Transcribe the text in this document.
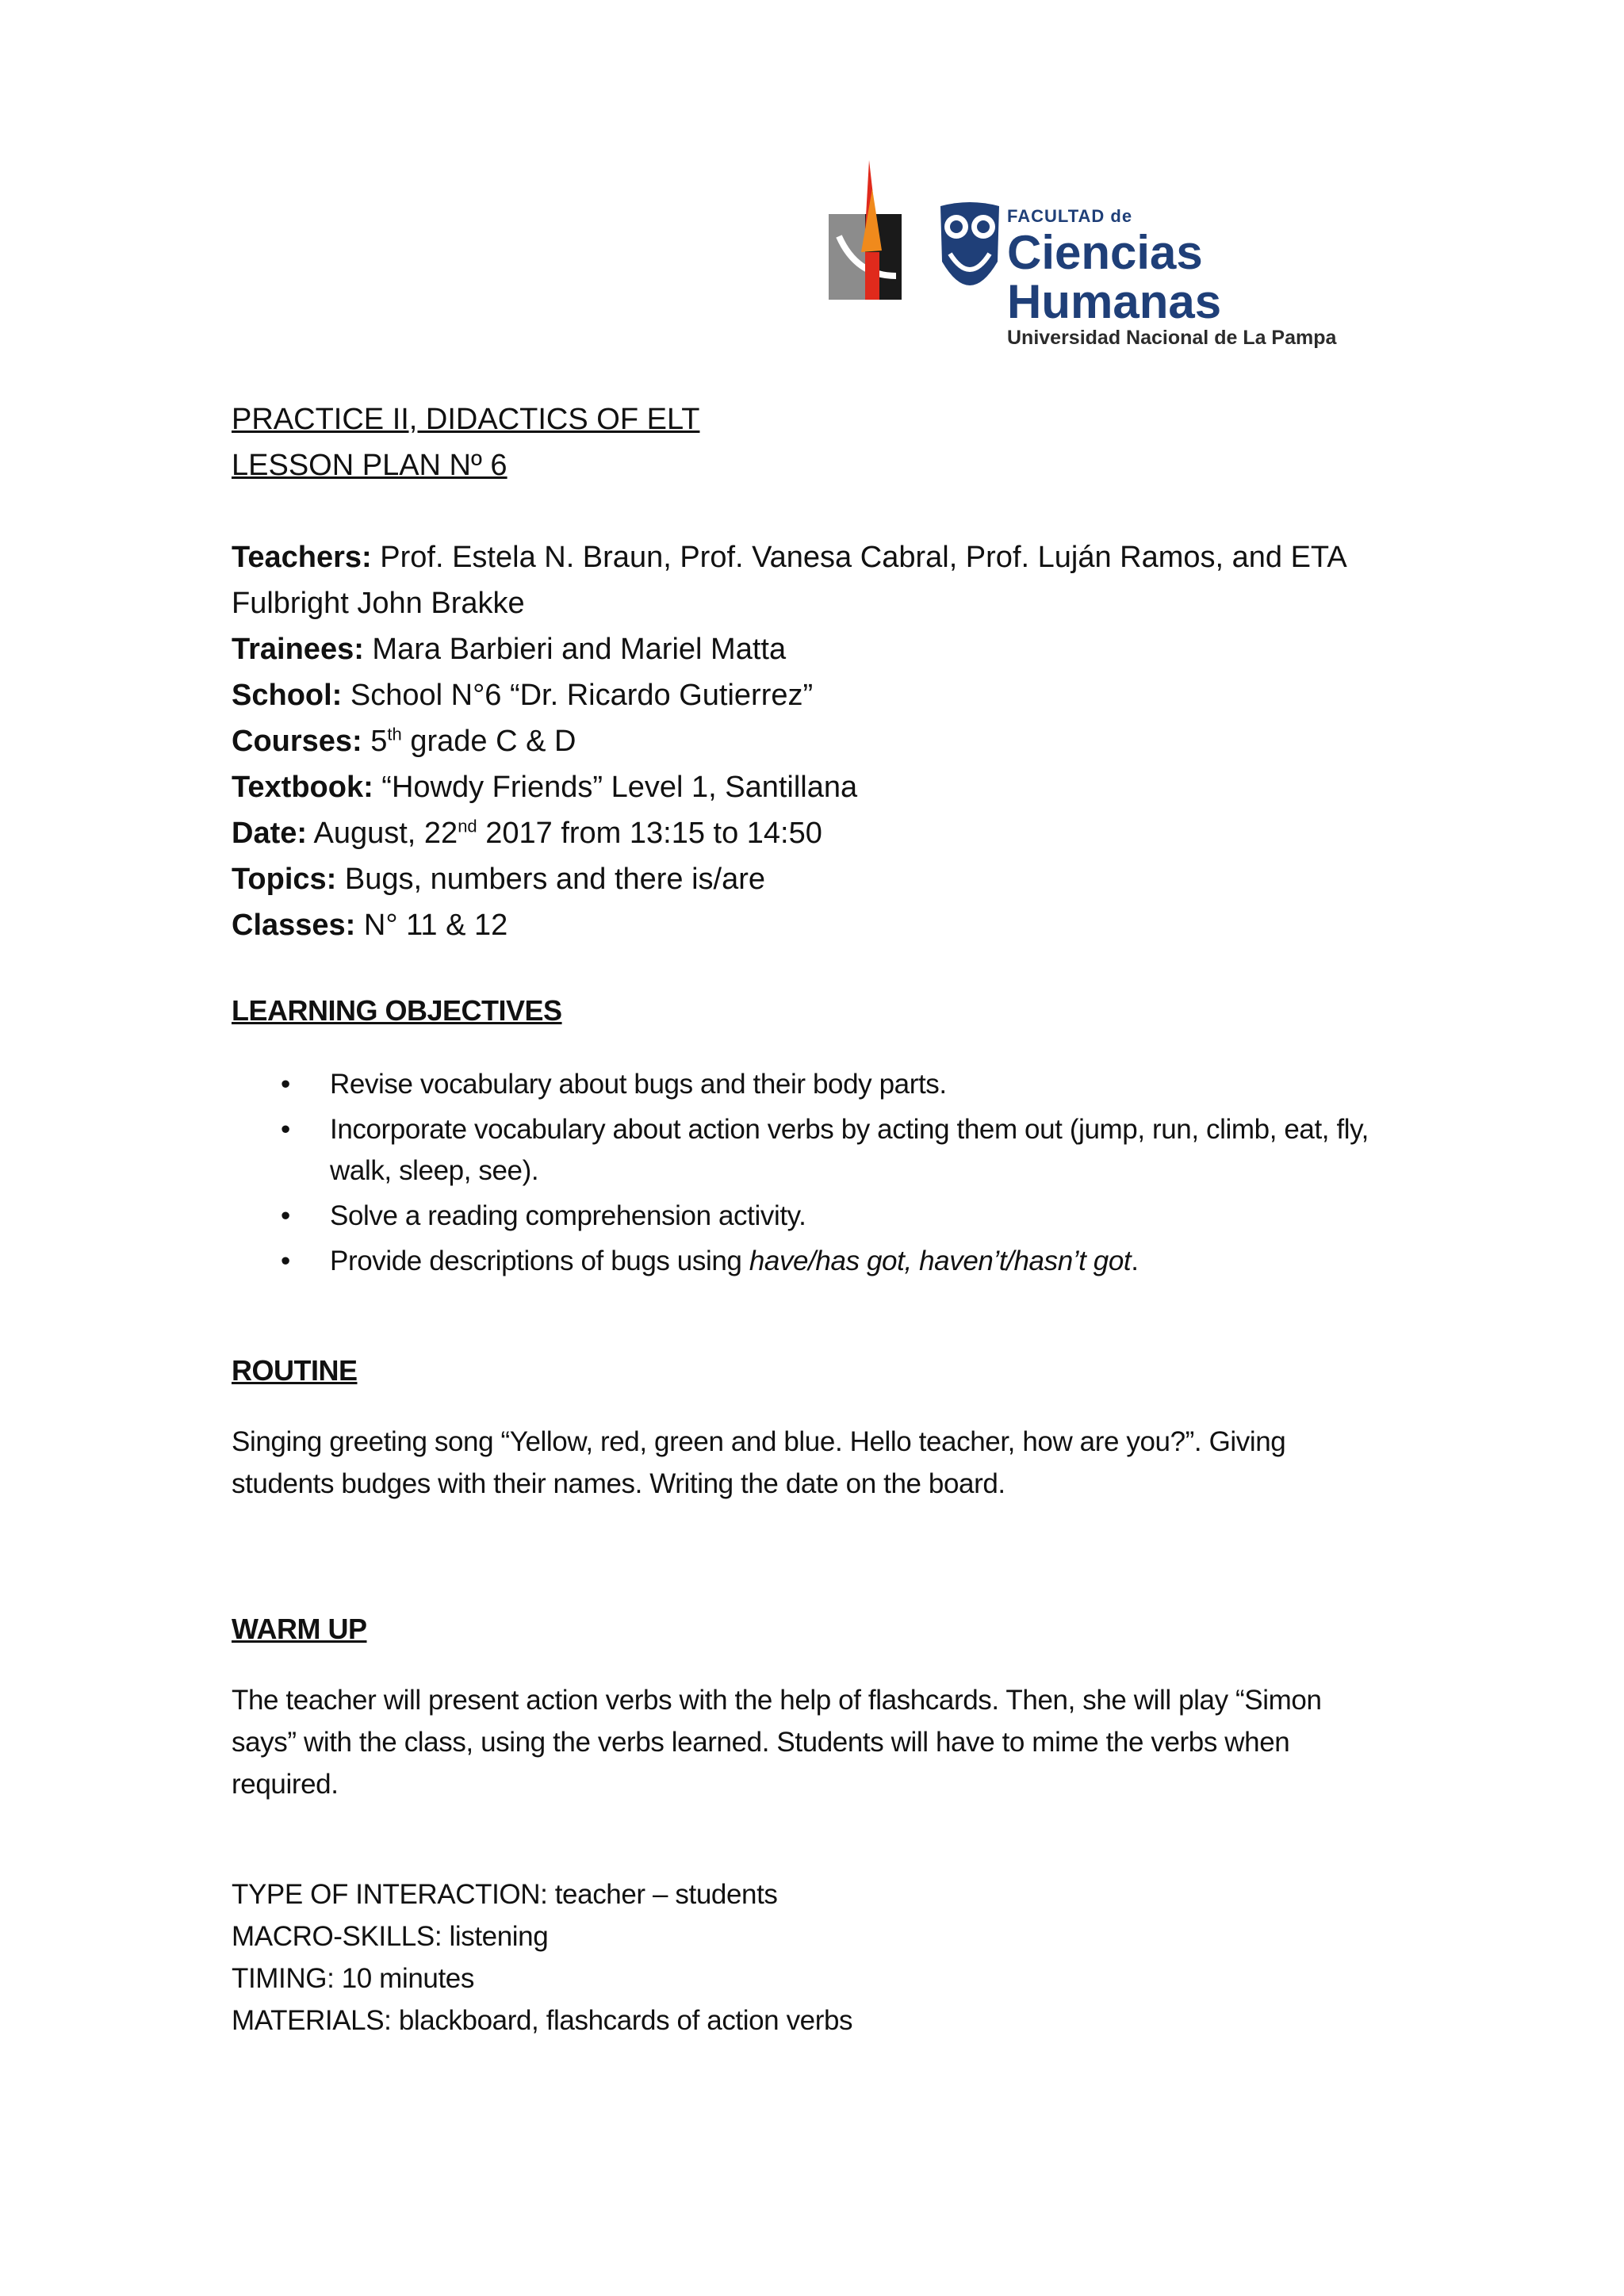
FACULTAD de
Ciencias Humanas
Universidad Nacional de La Pampa
PRACTICE II, DIDACTICS OF ELT
LESSON PLAN Nº 6
Teachers: Prof. Estela N. Braun, Prof. Vanesa Cabral, Prof. Luján Ramos, and ETA
Fulbright John Brakke
Trainees: Mara Barbieri and Mariel Matta
School: School N°6 “Dr. Ricardo Gutierrez”
Courses: 5th grade C & D
Textbook: “Howdy Friends” Level 1, Santillana
Date: August, 22nd 2017 from 13:15 to 14:50
Topics: Bugs, numbers and there is/are
Classes: N° 11 & 12
LEARNING OBJECTIVES
• Revise vocabulary about bugs and their body parts.
• Incorporate vocabulary about action verbs by acting them out (jump, run, climb, eat, fly, walk, sleep, see).
• Solve a reading comprehension activity.
• Provide descriptions of bugs using have/has got, haven’t/hasn’t got.
ROUTINE
Singing greeting song “Yellow, red, green and blue. Hello teacher, how are you?”. Giving students budges with their names. Writing the date on the board.
WARM UP
The teacher will present action verbs with the help of flashcards. Then, she will play “Simon says” with the class, using the verbs learned. Students will have to mime the verbs when required.
TYPE OF INTERACTION: teacher – students
MACRO-SKILLS: listening
TIMING: 10 minutes
MATERIALS: blackboard, flashcards of action verbs
